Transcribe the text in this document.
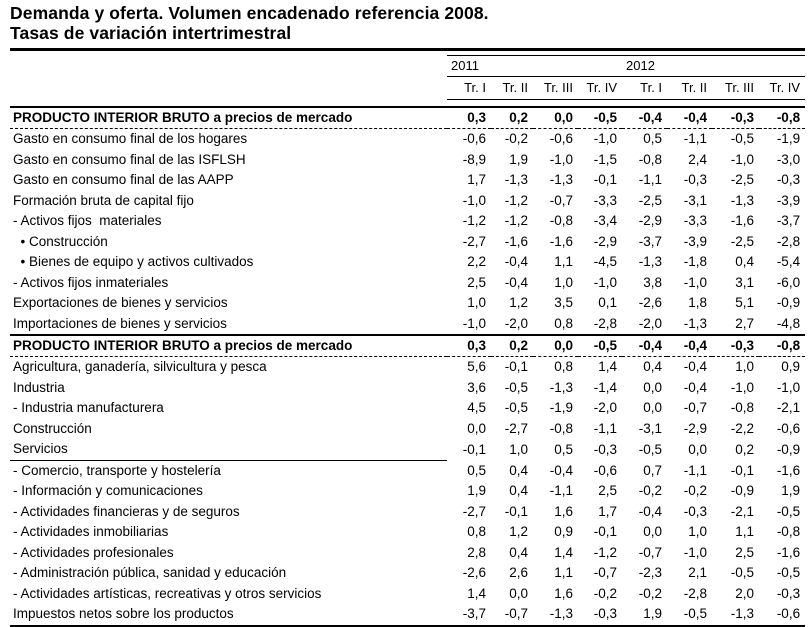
Demanda y oferta. Volumen encadenado referencia 2008.
Tasas de variación intertrimestral
	2011				2012			
	Tr. I	Tr. II	Tr. III	Tr. IV	Tr. I	Tr. II	Tr. III	Tr. IV

PRODUCTO INTERIOR BRUTO a precios de mercado	0,3	0,2	0,0	-0,5	-0,4	-0,4	-0,3	-0,8
Gasto en consumo final de los hogares	-0,6	-0,2	-0,6	-1,0	0,5	-1,1	-0,5	-1,9
Gasto en consumo final de las ISFLSH	-8,9	1,9	-1,0	-1,5	-0,8	2,4	-1,0	-3,0
Gasto en consumo final de las AAPP	1,7	-1,3	-1,3	-0,1	-1,1	-0,3	-2,5	-0,3
Formación bruta de capital fijo	-1,0	-1,2	-0,7	-3,3	-2,5	-3,1	-1,3	-3,9
- Activos fijos  materiales	-1,2	-1,2	-0,8	-3,4	-2,9	-3,3	-1,6	-3,7
• Construcción	-2,7	-1,6	-1,6	-2,9	-3,7	-3,9	-2,5	-2,8
• Bienes de equipo y activos cultivados	2,2	-0,4	1,1	-4,5	-1,3	-1,8	0,4	-5,4
- Activos fijos inmateriales	2,5	-0,4	1,0	-1,0	3,8	-1,0	3,1	-6,0
Exportaciones de bienes y servicios	1,0	1,2	3,5	0,1	-2,6	1,8	5,1	-0,9
Importaciones de bienes y servicios	-1,0	-2,0	0,8	-2,8	-2,0	-1,3	2,7	-4,8
PRODUCTO INTERIOR BRUTO a precios de mercado	0,3	0,2	0,0	-0,5	-0,4	-0,4	-0,3	-0,8
Agricultura, ganadería, silvicultura y pesca	5,6	-0,1	0,8	1,4	0,4	-0,4	1,0	0,9
Industria	3,6	-0,5	-1,3	-1,4	0,0	-0,4	-1,0	-1,0
- Industria manufacturera	4,5	-0,5	-1,9	-2,0	0,0	-0,7	-0,8	-2,1
Construcción	0,0	-2,7	-0,8	-1,1	-3,1	-2,9	-2,2	-0,6
Servicios	-0,1	1,0	0,5	-0,3	-0,5	0,0	0,2	-0,9
- Comercio, transporte y hostelería	0,5	0,4	-0,4	-0,6	0,7	-1,1	-0,1	-1,6
- Información y comunicaciones	1,9	0,4	-1,1	2,5	-0,2	-0,2	-0,9	1,9
- Actividades financieras y de seguros	-2,7	-0,1	1,6	1,7	-0,4	-0,3	-2,1	-0,5
- Actividades inmobiliarias	0,8	1,2	0,9	-0,1	0,0	1,0	1,1	-0,8
- Actividades profesionales	2,8	0,4	1,4	-1,2	-0,7	-1,0	2,5	-1,6
- Administración pública, sanidad y educación	-2,6	2,6	1,1	-0,7	-2,3	2,1	-0,5	-0,5
- Actividades artísticas, recreativas y otros servicios	1,4	0,0	1,6	-0,2	-0,2	-2,8	2,0	-0,3
Impuestos netos sobre los productos	-3,7	-0,7	-1,3	-0,3	1,9	-0,5	-1,3	-0,6
